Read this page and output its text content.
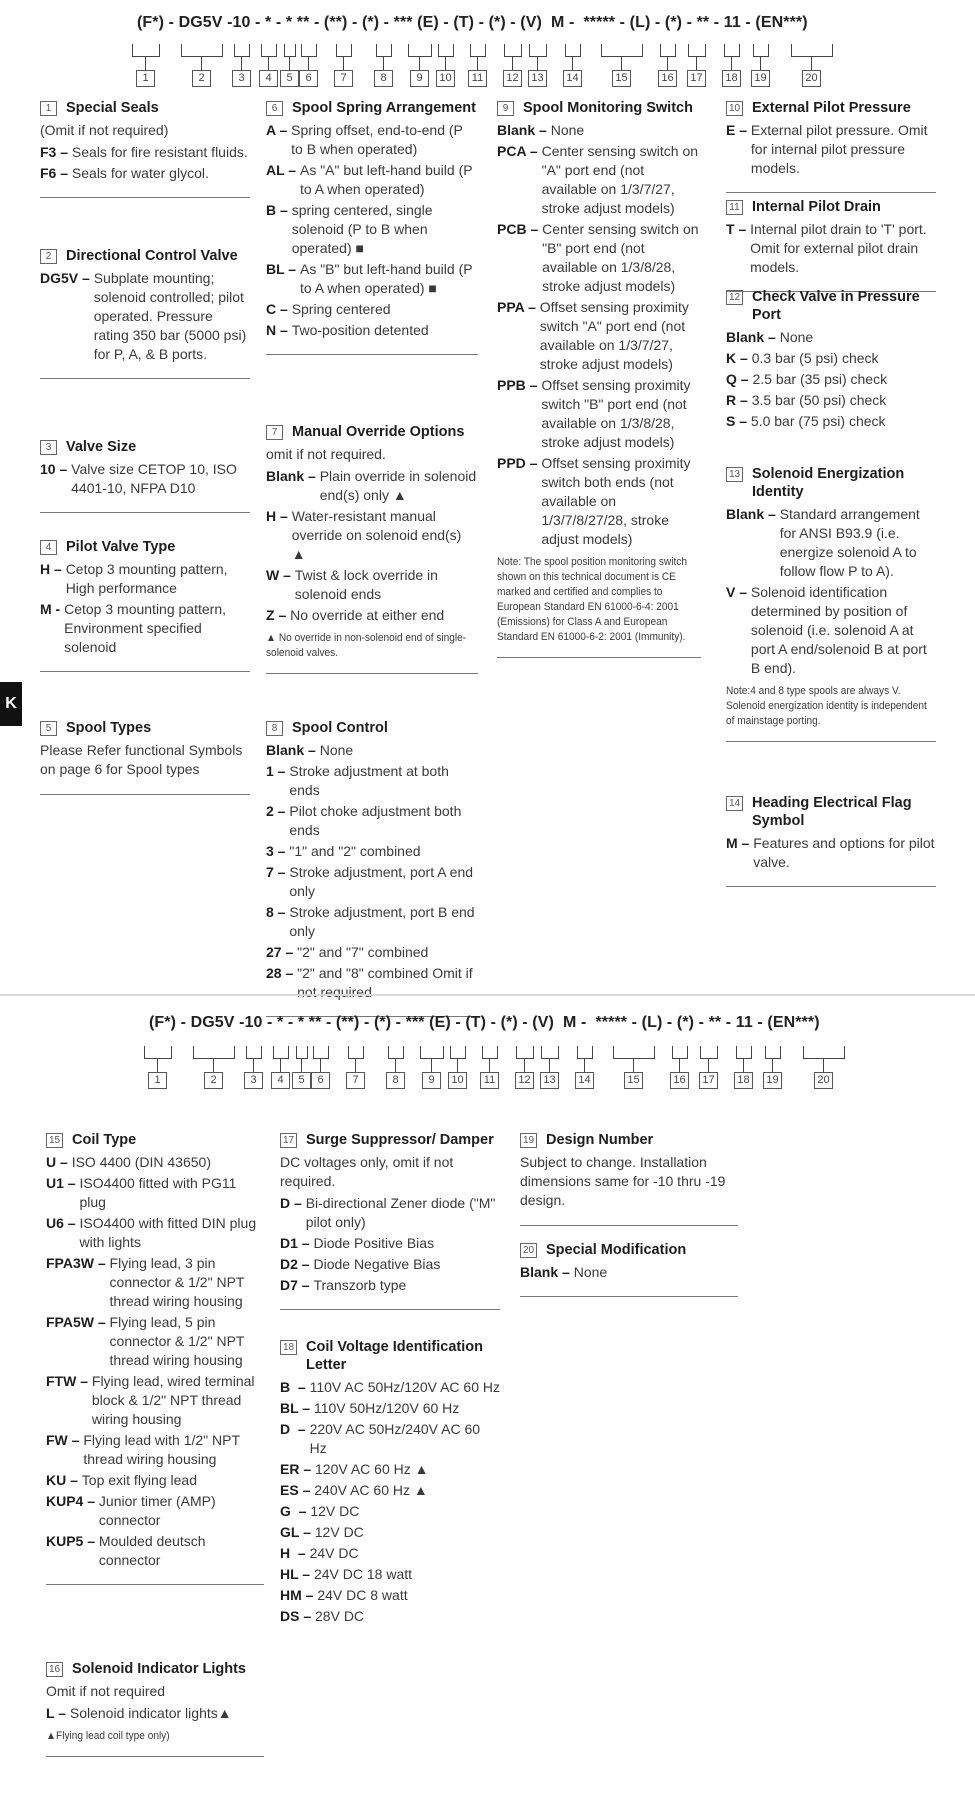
(F*) - DG5V -10 - * - * ** - (**) - (*) - *** (E) - (T) - (*) - (V)  M -  ***** - (L) - (*) - ** - 11 - (EN***)
1	2	3	4	5	6	7	8	9	10	11	12	13	14	15	16	17	18	19	20
1	Special Seals
(Omit if not required)
F3 – Seals for fire resistant fluids.
F6 – Seals for water glycol.
2	Directional Control Valve
DG5V – Subplate mounting; solenoid controlled; pilot operated. Pressure rating 350 bar (5000 psi) for P, A, & B ports.
3	Valve Size
10 – Valve size CETOP 10, ISO 4401-10, NFPA D10
4	Pilot Valve Type
H – Cetop 3 mounting pattern, High performance
M - Cetop 3 mounting pattern, Environment specified solenoid
5	Spool Types
Please Refer functional Symbols on page 6 for Spool types
6	Spool Spring Arrangement
A – Spring offset, end-to-end (P to B when operated)
AL – As "A" but left-hand build (P to A when operated)
B – spring centered, single solenoid (P to B when operated) ■
BL – As "B" but left-hand build (P to A when operated) ■
C – Spring centered
N – Two-position detented
7	Manual Override Options
omit if not required.
Blank – Plain override in solenoid end(s) only ▲
H – Water-resistant manual override on solenoid end(s) ▲
W – Twist & lock override in solenoid ends
Z – No override at either end
▲ No override in non-solenoid end of single-solenoid valves.
8	Spool Control
Blank – None
1 – Stroke adjustment at both ends
2 – Pilot choke adjustment both ends
3 – "1" and "2" combined
7 – Stroke adjustment, port A end only
8 – Stroke adjustment, port B end only
27 – "2" and "7" combined
28 – "2" and "8" combined Omit if not required
9	Spool Monitoring Switch
Blank – None
PCA – Center sensing switch on "A" port end (not available on 1/3/7/27, stroke adjust models)
PCB – Center sensing switch on "B" port end (not available on 1/3/8/28, stroke adjust models)
PPA – Offset sensing proximity switch "A" port end (not available on 1/3/7/27, stroke adjust models)
PPB – Offset sensing proximity switch "B" port end (not available on 1/3/8/28, stroke adjust models)
PPD – Offset sensing proximity switch both ends (not available on 1/3/7/8/27/28, stroke adjust models)
Note: The spool position monitoring switch shown on this technical document is CE marked and certified and complies to European Standard EN 61000-6-4: 2001 (Emissions) for Class A and European Standard EN 61000-6-2: 2001 (Immunity).
10 External Pilot Pressure
E – External pilot pressure. Omit for internal pilot pressure models.
11 Internal Pilot Drain
T – Internal pilot drain to 'T' port. Omit for external pilot drain models.
12 Check Valve in Pressure Port
Blank – None
K – 0.3 bar (5 psi) check
Q – 2.5 bar (35 psi) check
R – 3.5 bar (50 psi) check
S – 5.0 bar (75 psi) check
13 Solenoid Energization Identity
Blank – Standard arrangement for ANSI B93.9 (i.e. energize solenoid A to follow flow P to A).
V – Solenoid identification determined by position of solenoid (i.e. solenoid A at port A end/solenoid B at port B end).
Note:4 and 8 type spools are always V. Solenoid energization identity is independent of mainstage porting.
14 Heading Electrical Flag Symbol
M – Features and options for pilot valve.
K
(F*) - DG5V -10 - * - * ** - (**) - (*) - *** (E) - (T) - (*) - (V)  M -  ***** - (L) - (*) - ** - 11 - (EN***)
1	2	3	4	5	6	7	8	9	10	11	12	13	14	15	16	17	18	19	20
15 Coil Type
U – ISO 4400 (DIN 43650)
U1 – ISO4400 fitted with PG11 plug
U6 – ISO4400 with fitted DIN plug with lights
FPA3W – Flying lead, 3 pin connector & 1/2" NPT thread wiring housing
FPA5W – Flying lead, 5 pin connector & 1/2" NPT thread wiring housing
FTW – Flying lead, wired terminal block & 1/2" NPT thread wiring housing
FW – Flying lead with 1/2" NPT thread wiring housing
KU – Top exit flying lead
KUP4 – Junior timer (AMP) connector
KUP5 – Moulded deutsch connector
16 Solenoid Indicator Lights
Omit if not required
L – Solenoid indicator lights▲
▲Flying lead coil type only)
17 Surge Suppressor/ Damper
DC voltages only, omit if not required.
D – Bi-directional Zener diode ("M" pilot only)
D1 – Diode Positive Bias
D2 – Diode Negative Bias
D7 – Transzorb type
18 Coil Voltage Identification Letter
B  – 110V AC 50Hz/120V AC 60 Hz
BL – 110V 50Hz/120V 60 Hz
D  – 220V AC 50Hz/240V AC 60 Hz
ER – 120V AC 60 Hz ▲
ES – 240V AC 60 Hz ▲
G  – 12V DC
GL – 12V DC
H  – 24V DC
HL – 24V DC 18 watt
HM – 24V DC 8 watt
DS – 28V DC
19 Design Number
Subject to change. Installation dimensions same for -10 thru -19 design.
20 Special Modification
Blank – None
